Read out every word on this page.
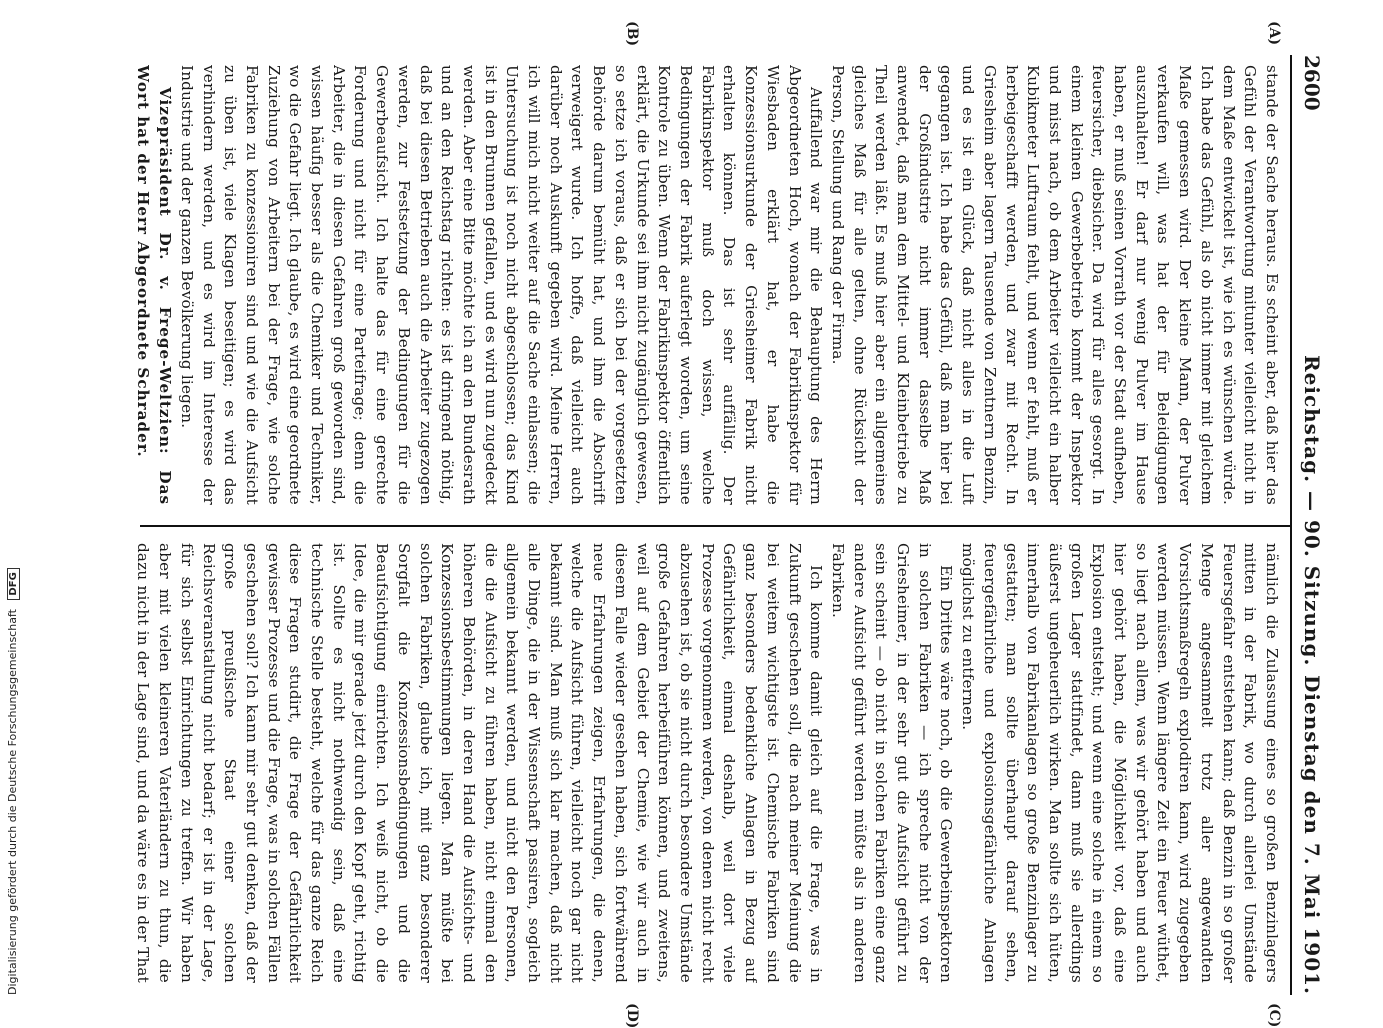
2600
Reichstag. — 90. Sitzung.
Dienstag den 7. Mai 1901.
(A)
(B)
(C)
(D)

stande der Sache heraus. Es scheint aber, daß hier das Gefühl der Verantwortung mitunter vielleicht nicht in dem Maße entwickelt ist, wie ich es wünschen würde. Ich habe das Gefühl, als ob nicht immer mit gleichem Maße gemessen wird. Der kleine Mann, der Pulver verkaufen will, was hat der für Beleidigungen auszuhalten! Er darf nur wenig Pulver im Hause haben, er muß seinen Vorrath vor der Stadt aufheben, feuersicher, diebsicher. Da wird für alles gesorgt. In einem kleinen Gewerbebetrieb kommt der Inspektor und misst nach, ob dem Arbeiter vielleicht ein halber Kubikmeter Luftraum fehlt, und wenn er fehlt, muß er herbeigeschafft werden, und zwar mit Recht. In Griesheim aber lagern Tausende von Zentnern Benzin, und es ist ein Glück, daß nicht alles in die Luft gegangen ist. Ich habe das Gefühl, daß man hier bei der Großindustrie nicht immer dasselbe Maß anwendet, daß man dem Mittel- und Kleinbetriebe zu Theil werden läßt. Es muß hier aber ein allgemeines gleiches Maß für alle gelten, ohne Rücksicht der Person, Stellung und Rang der Firma.

Auffallend war mir die Behauptung des Herrn Abgeordneten Hoch, wonach der Fabrikinspektor für Wiesbaden erklärt hat, er habe die Konzessionsurkunde der Griesheimer Fabrik nicht erhalten können. Das ist sehr auffällig. Der Fabrikinspektor muß doch wissen, welche Bedingungen der Fabrik auferlegt worden, um seine Kontrole zu üben. Wenn der Fabrikinspektor öffentlich erklärt, die Urkunde sei ihm nicht zugänglich gewesen, so setze ich voraus, daß er sich bei der vorgesetzten Behörde darum bemüht hat, und ihm die Abschrift verweigert wurde. Ich hoffe, daß vielleicht auch darüber noch Auskunft gegeben wird. Meine Herren, ich will mich nicht weiter auf die Sache einlassen; die Untersuchung ist noch nicht abgeschlossen; das Kind ist in den Brunnen gefallen, und es wird nun zugedeckt werden. Aber eine Bitte möchte ich an den Bundesrath und an den Reichstag richten: es ist dringend nöthig, daß bei diesen Betrieben auch die Arbeiter zugezogen werden, zur Festsetzung der Bedingungen für die Gewerbeaufsicht. Ich halte das für eine gerechte Forderung und nicht für eine Parteifrage; denn die Arbeiter, die in diesen Gefahren groß geworden sind, wissen häufig besser als die Chemiker und Techniker, wo die Gefahr liegt. Ich glaube, es wird eine geordnete Zuziehung von Arbeitern bei der Frage, wie solche Fabriken zu konzessioniren sind und wie die Aufsicht zu üben ist, viele Klagen beseitigen; es wird das verhindern werden, und es wird im Interesse der Industrie und der ganzen Bevölkerung liegen.

Vizepräsident Dr. v. Frege-Weltzien: Das Wort hat der Herr Abgeordnete Schrader.

nämlich die Zulassung eines so großen Benzinlagers mitten in der Fabrik, wo durch allerlei Umstände Feuersgefahr entstehen kann; daß Benzin in so großer Menge angesammelt trotz aller angewandten Vorsichtsmaßregeln explodiren kann, wird zugegeben werden müssen. Wenn längere Zeit ein Feuer wüthet, so liegt nach allem, was wir gehört haben und auch hier gehört haben, die Möglichkeit vor, daß eine Explosion entsteht; und wenn eine solche in einem so großen Lager stattfindet, dann muß sie allerdings äußerst ungeheuerlich wirken. Man sollte sich hüten, innerhalb von Fabrikanlagen so große Benzinlager zu gestatten; man sollte überhaupt darauf sehen, feuergefährliche und explosionsgefährliche Anlagen möglichst zu entfernen.

Ein Drittes wäre noch, ob die Gewerbeinspektoren in solchen Fabriken — ich spreche nicht von der Griesheimer, in der sehr gut die Aufsicht geführt zu sein scheint — ob nicht in solchen Fabriken eine ganz andere Aufsicht geführt werden müßte als in anderen Fabriken.

Ich komme damit gleich auf die Frage, was in Zukunft geschehen soll, die nach meiner Meinung die bei weitem wichtigste ist. Chemische Fabriken sind ganz besonders bedenkliche Anlagen in Bezug auf Gefährlichkeit, einmal deshalb, weil dort viele Prozesse vorgenommen werden, von denen nicht recht abzusehen ist, ob sie nicht durch besondere Umstände große Gefahren herbeiführen können, und zweitens, weil auf dem Gebiet der Chemie, wie wir auch in diesem Falle wieder gesehen haben, sich fortwährend neue Erfahrungen zeigen, Erfahrungen, die denen, welche die Aufsicht führen, vielleicht noch gar nicht bekannt sind. Man muß sich klar machen, daß nicht alle Dinge, die in der Wissenschaft passiren, sogleich allgemein bekannt werden, und nicht den Personen, die die Aufsicht zu führen haben, nicht einmal den höheren Behörden, in deren Hand die Aufsichts- und Konzessionsbestimmungen liegen. Man müßte bei solchen Fabriken, glaube ich, mit ganz besonderer Sorgfalt die Konzessionsbedingungen und die Beaufsichtigung einrichten. Ich weiß nicht, ob die Idee, die mir gerade jetzt durch den Kopf geht, richtig ist. Sollte es nicht nothwendig sein, daß eine technische Stelle besteht, welche für das ganze Reich diese Fragen studirt, die Frage der Gefährlichkeit gewisser Prozesse und die Frage, was in solchen Fällen geschehen soll? Ich kann mir sehr gut denken, daß der große preußische Staat einer solchen Reichsveranstaltung nicht bedarf; er ist in der Lage, für sich selbst Einrichtungen zu treffen. Wir haben aber mit vielen kleineren Vaterländern zu thun, die dazu nicht in der Lage sind, und da wäre es in der That

Digitalisierung gefördert durch die Deutsche Forschungsgemeinschaft DFG
